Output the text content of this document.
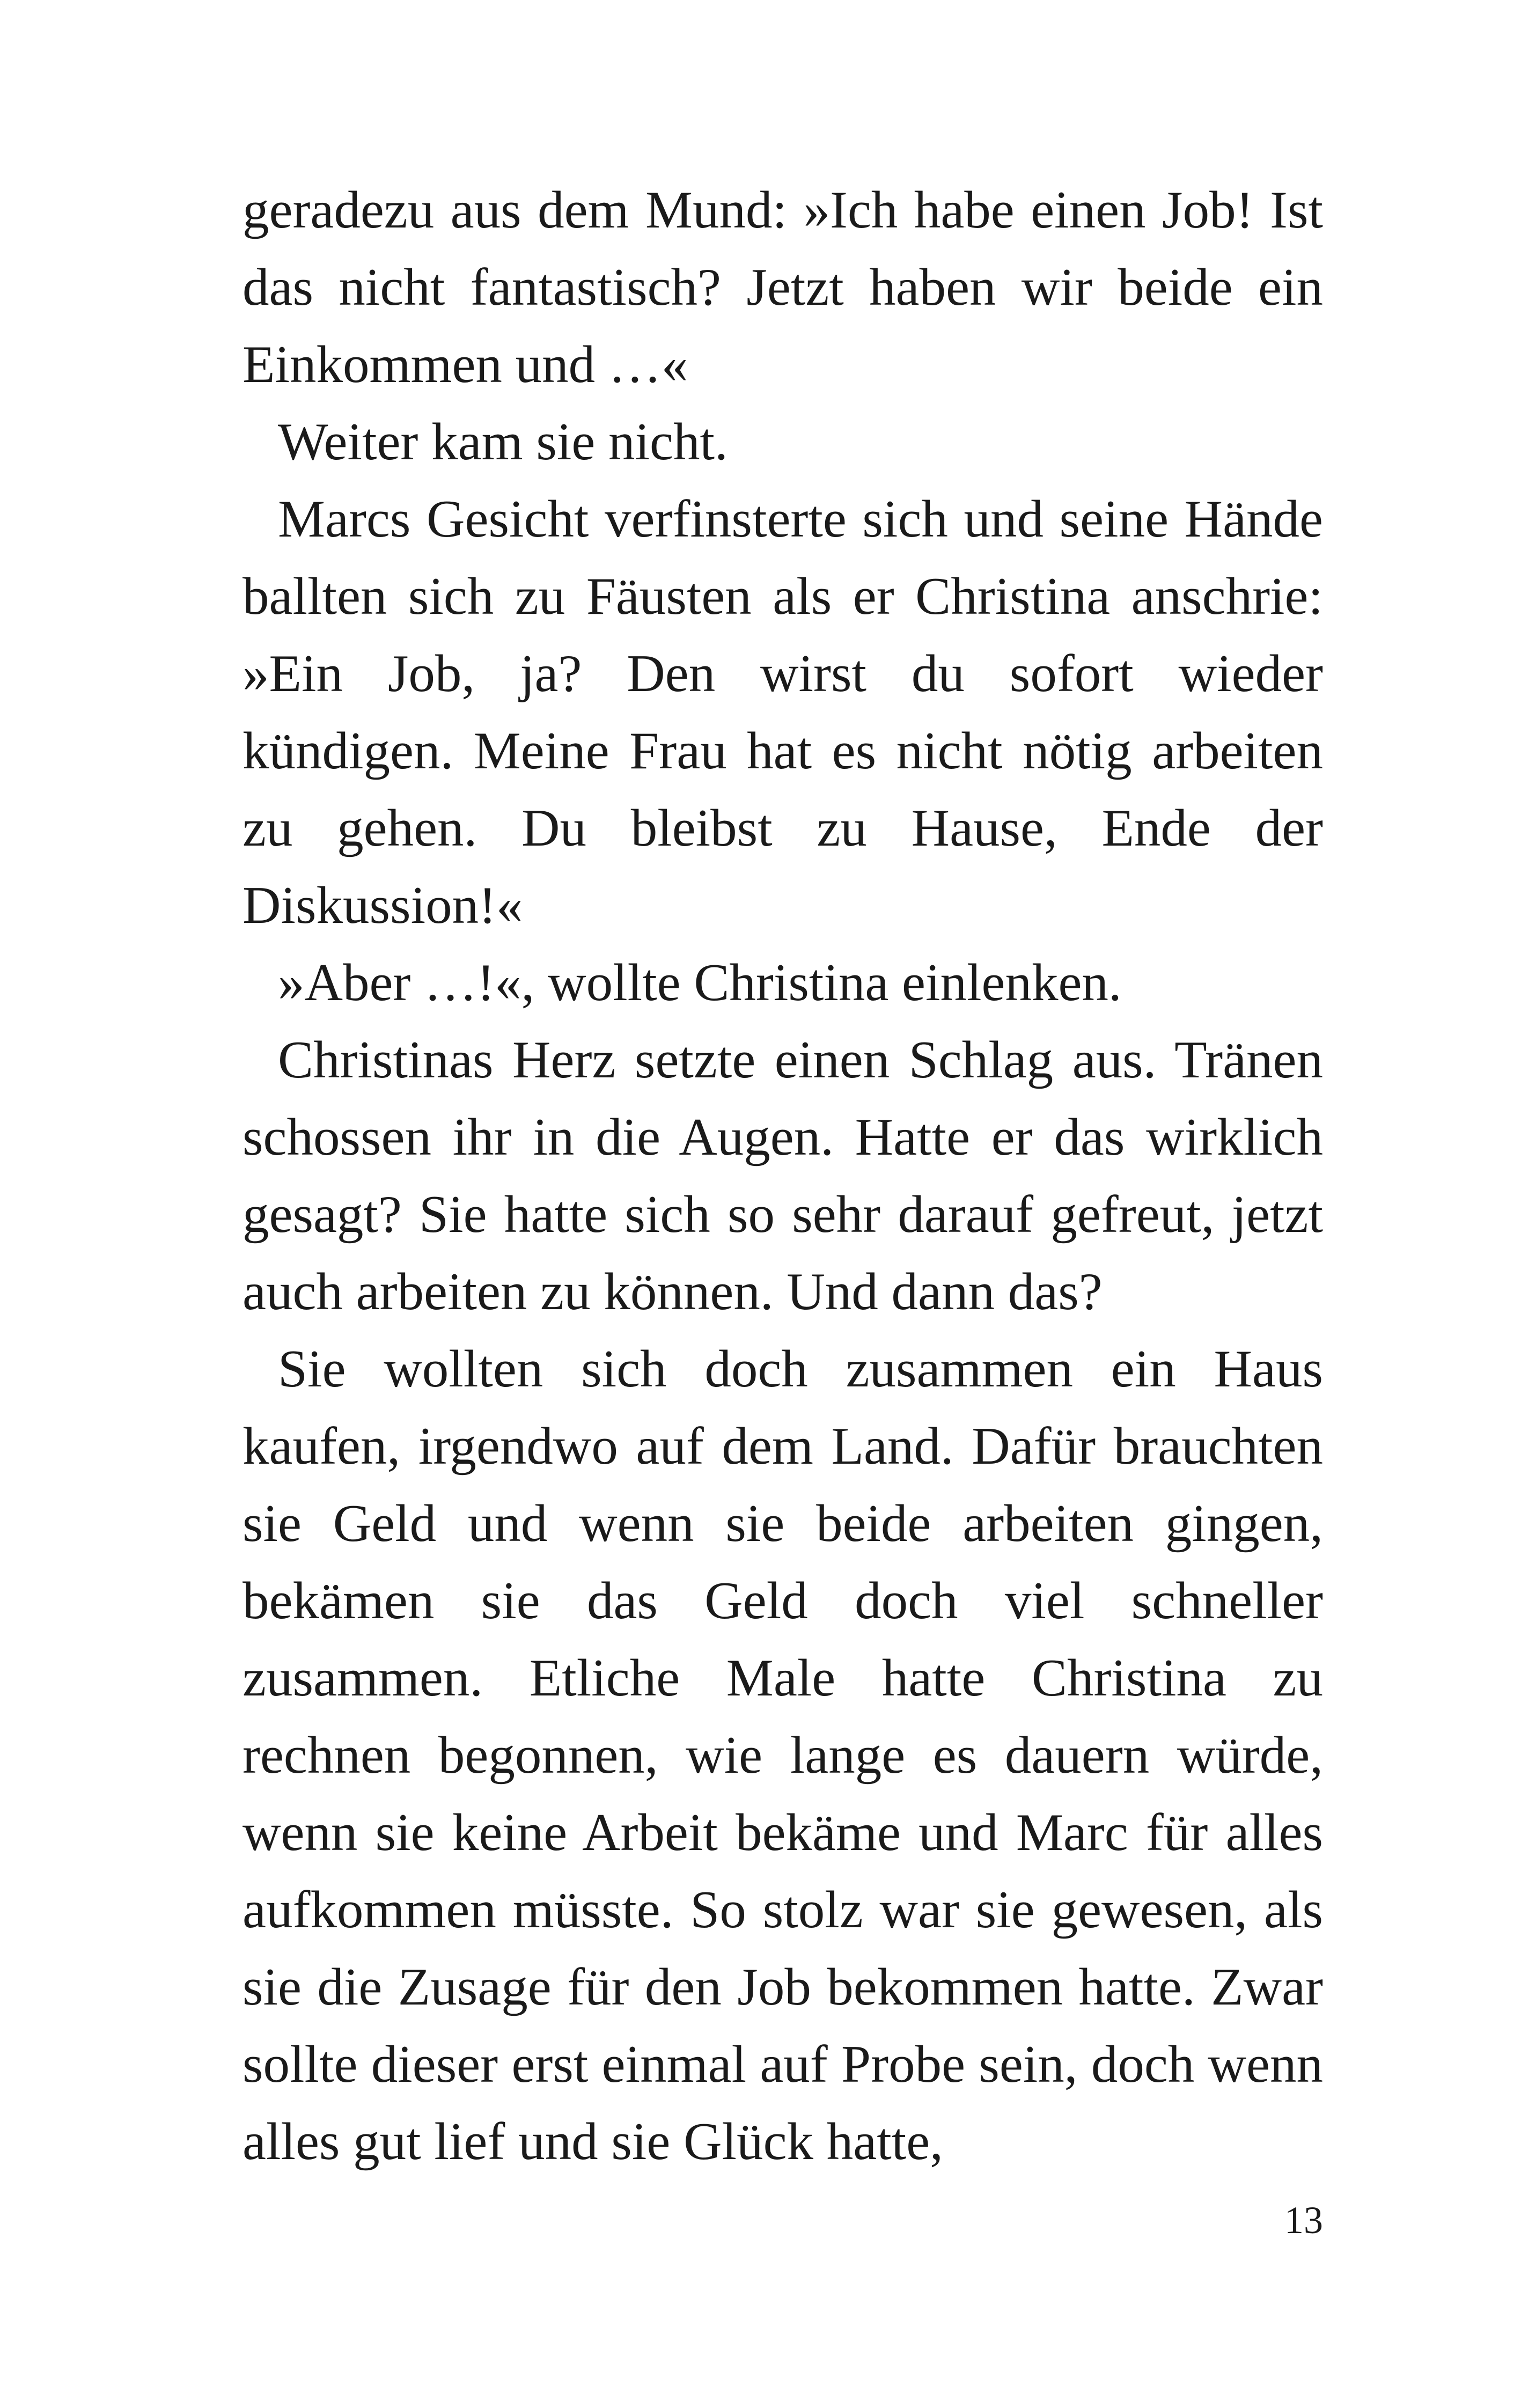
geradezu aus dem Mund: »Ich habe einen Job! Ist das nicht fantastisch? Jetzt haben wir beide ein Einkommen und …«

Weiter kam sie nicht.

Marcs Gesicht verfinsterte sich und seine Hände ballten sich zu Fäusten als er Christina anschrie: »Ein Job, ja? Den wirst du sofort wieder kündigen. Meine Frau hat es nicht nötig arbeiten zu gehen. Du bleibst zu Hause, Ende der Diskussion!«

»Aber …!«, wollte Christina einlenken.

Christinas Herz setzte einen Schlag aus. Tränen schossen ihr in die Augen. Hatte er das wirklich gesagt? Sie hatte sich so sehr darauf gefreut, jetzt auch arbeiten zu können. Und dann das?

Sie wollten sich doch zusammen ein Haus kaufen, irgendwo auf dem Land. Dafür brauchten sie Geld und wenn sie beide arbeiten gingen, bekämen sie das Geld doch viel schneller zusammen. Etliche Male hatte Christina zu rechnen begonnen, wie lange es dauern würde, wenn sie keine Arbeit bekäme und Marc für alles aufkommen müsste. So stolz war sie gewesen, als sie die Zusage für den Job bekommen hatte. Zwar sollte dieser erst einmal auf Probe sein, doch wenn alles gut lief und sie Glück hatte,

13
